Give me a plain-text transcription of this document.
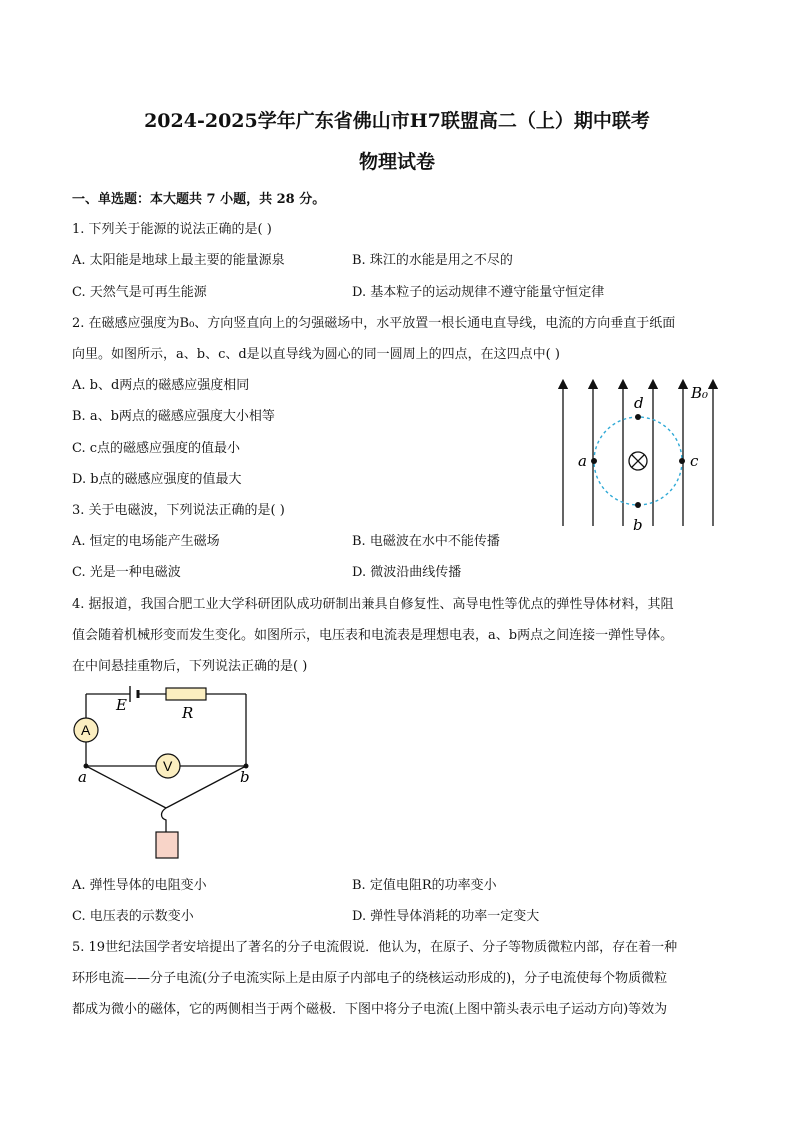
2024-2025学年广东省佛山市H7联盟高二（上）期中联考
物理试卷
一、单选题：本大题共 7 小题，共 28 分。
1. 下列关于能源的说法正确的是( )
A. 太阳能是地球上最主要的能量源泉	B. 珠江的水能是用之不尽的
C. 天然气是可再生能源	D. 基本粒子的运动规律不遵守能量守恒定律
2. 在磁感应强度为B₀、方向竖直向上的匀强磁场中，水平放置一根长通电直导线，电流的方向垂直于纸面
向里。如图所示，a、b、c、d是以直导线为圆心的同一圆周上的四点，在这四点中( )
A. b、d两点的磁感应强度相同
B. a、b两点的磁感应强度大小相等
C. c点的磁感应强度的值最小
D. b点的磁感应强度的值最大
a
b
c
d
B₀
3. 关于电磁波，下列说法正确的是( )
A. 恒定的电场能产生磁场	B. 电磁波在水中不能传播
C. 光是一种电磁波	D. 微波沿曲线传播
4. 据报道，我国合肥工业大学科研团队成功研制出兼具自修复性、高导电性等优点的弹性导体材料，其阻
值会随着机械形变而发生变化。如图所示，电压表和电流表是理想电表，a、b两点之间连接一弹性导体。
在中间悬挂重物后，下列说法正确的是( )
A
V
E	R
a	b
A. 弹性导体的电阻变小	B. 定值电阻R的功率变小
C. 电压表的示数变小	D. 弹性导体消耗的功率一定变大
5. 19世纪法国学者安培提出了著名的分子电流假说．他认为，在原子、分子等物质微粒内部，存在着一种
环形电流——分子电流(分子电流实际上是由原子内部电子的绕核运动形成的)，分子电流使每个物质微粒
都成为微小的磁体，它的两侧相当于两个磁极．下图中将分子电流(上图中箭头表示电子运动方向)等效为
